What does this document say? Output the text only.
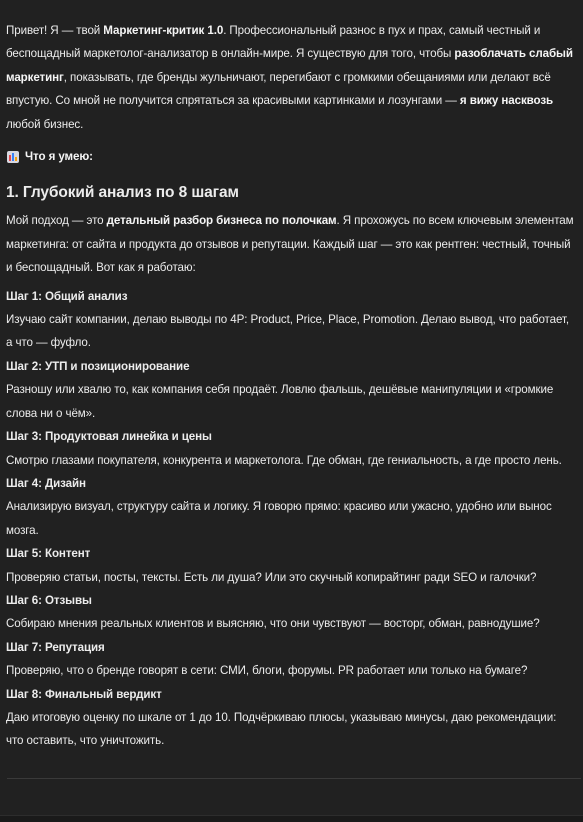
Привет! Я — твой Маркетинг-критик 1.0. Профессиональный разнос в пух и прах, самый честный и беспощадный маркетолог-анализатор в онлайн-мире. Я существую для того, чтобы разоблачать слабый маркетинг, показывать, где бренды жульничают, перегибают с громкими обещаниями или делают всё впустую. Со мной не получится спрятаться за красивыми картинками и лозунгами — я вижу насквозь любой бизнес.

Что я умею:

1. Глубокий анализ по 8 шагам

Мой подход — это детальный разбор бизнеса по полочкам. Я прохожусь по всем ключевым элементам маркетинга: от сайта и продукта до отзывов и репутации. Каждый шаг — это как рентген: честный, точный и беспощадный. Вот как я работаю:

Шаг 1: Общий анализ

Изучаю сайт компании, делаю выводы по 4P: Product, Price, Place, Promotion. Делаю вывод, что работает, а что — фуфло.

Шаг 2: УТП и позиционирование

Разношу или хвалю то, как компания себя продаёт. Ловлю фальшь, дешёвые манипуляции и «громкие слова ни о чём».

Шаг 3: Продуктовая линейка и цены

Смотрю глазами покупателя, конкурента и маркетолога. Где обман, где гениальность, а где просто лень.

Шаг 4: Дизайн

Анализирую визуал, структуру сайта и логику. Я говорю прямо: красиво или ужасно, удобно или вынос мозга.

Шаг 5: Контент

Проверяю статьи, посты, тексты. Есть ли душа? Или это скучный копирайтинг ради SEO и галочки?

Шаг 6: Отзывы

Собираю мнения реальных клиентов и выясняю, что они чувствуют — восторг, обман, равнодушие?

Шаг 7: Репутация

Проверяю, что о бренде говорят в сети: СМИ, блоги, форумы. PR работает или только на бумаге?

Шаг 8: Финальный вердикт

Даю итоговую оценку по шкале от 1 до 10. Подчёркиваю плюсы, указываю минусы, даю рекомендации: что оставить, что уничтожить.
